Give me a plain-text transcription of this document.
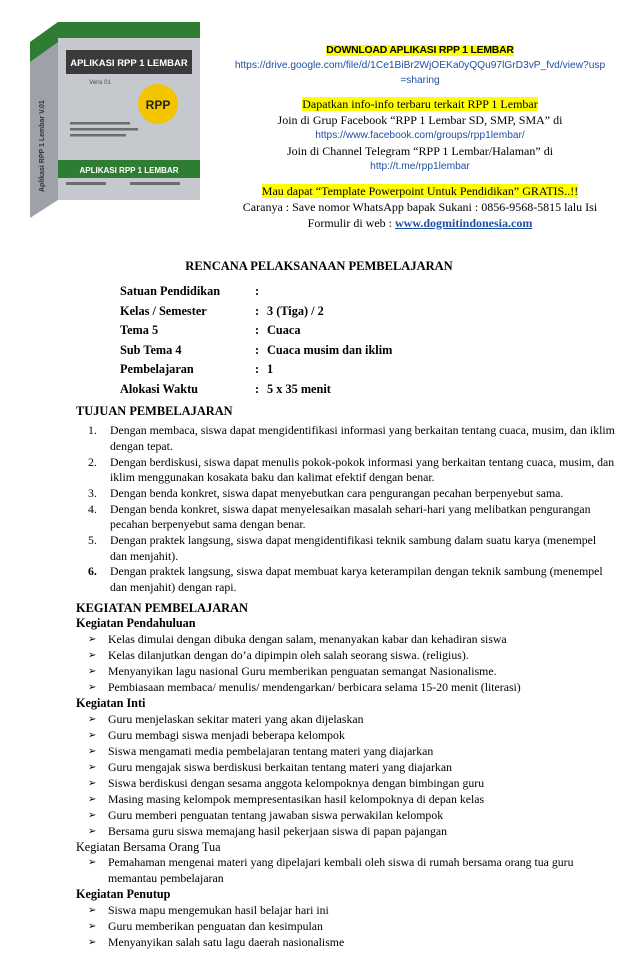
APLIKASI RPP 1 LEMBAR
Versi 01
RPP
APLIKASI RPP 1 LEMBAR
Aplikasi RPP 1 Lembar V.01
DOWNLOAD APLIKASI RPP 1 LEMBAR
https://drive.google.com/file/d/1Ce1BiBr2WjOEKa0yQQu97lGrD3vP_fvd/view?usp
=sharing
Dapatkan info-info terbaru terkait RPP 1 Lembar
Join di Grup Facebook “RPP 1 Lembar SD, SMP, SMA” di
https://www.facebook.com/groups/rpp1lembar/
Join di Channel Telegram “RPP 1 Lembar/Halaman” di
http://t.me/rpp1lembar
Mau dapat “Template Powerpoint Untuk Pendidikan” GRATIS..!!
Caranya : Save nomor WhatsApp bapak Sukani : 0856-9568-5815 lalu Isi
Formulir di web : www.dogmitindonesia.com
RENCANA PELAKSANAAN PEMBELAJARAN
Satuan Pendidikan	:
Kelas / Semester	: 3 (Tiga) / 2
Tema 5	: Cuaca
Sub Tema 4	: Cuaca musim dan iklim
Pembelajaran	: 1
Alokasi Waktu	: 5 x 35 menit
TUJUAN PEMBELAJARAN
1.	Dengan membaca, siswa dapat mengidentifikasi informasi yang berkaitan tentang cuaca, musim, dan iklim dengan tepat.
2.	Dengan berdiskusi, siswa dapat menulis pokok-pokok informasi yang berkaitan tentang cuaca, musim, dan iklim menggunakan kosakata baku dan kalimat efektif dengan benar.
3.	Dengan benda konkret, siswa dapat menyebutkan cara pengurangan pecahan berpenyebut sama.
4.	Dengan benda konkret, siswa dapat menyelesaikan masalah sehari-hari yang melibatkan pengurangan pecahan berpenyebut sama dengan benar.
5.	Dengan praktek langsung, siswa dapat mengidentifikasi teknik sambung dalam suatu karya (menempel dan menjahit).
6.	Dengan praktek langsung, siswa dapat membuat karya keterampilan dengan teknik sambung (menempel dan menjahit) dengan rapi.
KEGIATAN PEMBELAJARAN
Kegiatan Pendahuluan
➢ Kelas dimulai dengan dibuka dengan salam, menanyakan kabar dan kehadiran siswa
➢ Kelas dilanjutkan dengan do’a dipimpin oleh salah seorang siswa. (religius).
➢ Menyanyikan lagu nasional Guru memberikan penguatan semangat Nasionalisme.
➢ Pembiasaan membaca/ menulis/ mendengarkan/ berbicara selama 15-20 menit (literasi)
Kegiatan Inti
➢ Guru menjelaskan sekitar materi yang akan dijelaskan
➢ Guru membagi siswa menjadi beberapa kelompok
➢ Siswa mengamati media pembelajaran tentang materi yang diajarkan
➢ Guru mengajak siswa berdiskusi berkaitan tentang materi yang diajarkan
➢ Siswa berdiskusi dengan sesama anggota kelompoknya dengan bimbingan guru
➢ Masing masing kelompok mempresentasikan hasil kelompoknya di depan kelas
➢ Guru memberi penguatan tentang jawaban siswa perwakilan kelompok
➢ Bersama guru siswa memajang hasil pekerjaan siswa di papan pajangan
Kegiatan Bersama Orang Tua
➢ Pemahaman mengenai materi yang dipelajari kembali oleh siswa di rumah bersama orang tua guru memantau pembelajaran
Kegiatan Penutup
➢ Siswa mapu mengemukan hasil belajar hari ini
➢ Guru memberikan penguatan dan kesimpulan
➢ Menyanyikan salah satu lagu daerah nasionalisme
